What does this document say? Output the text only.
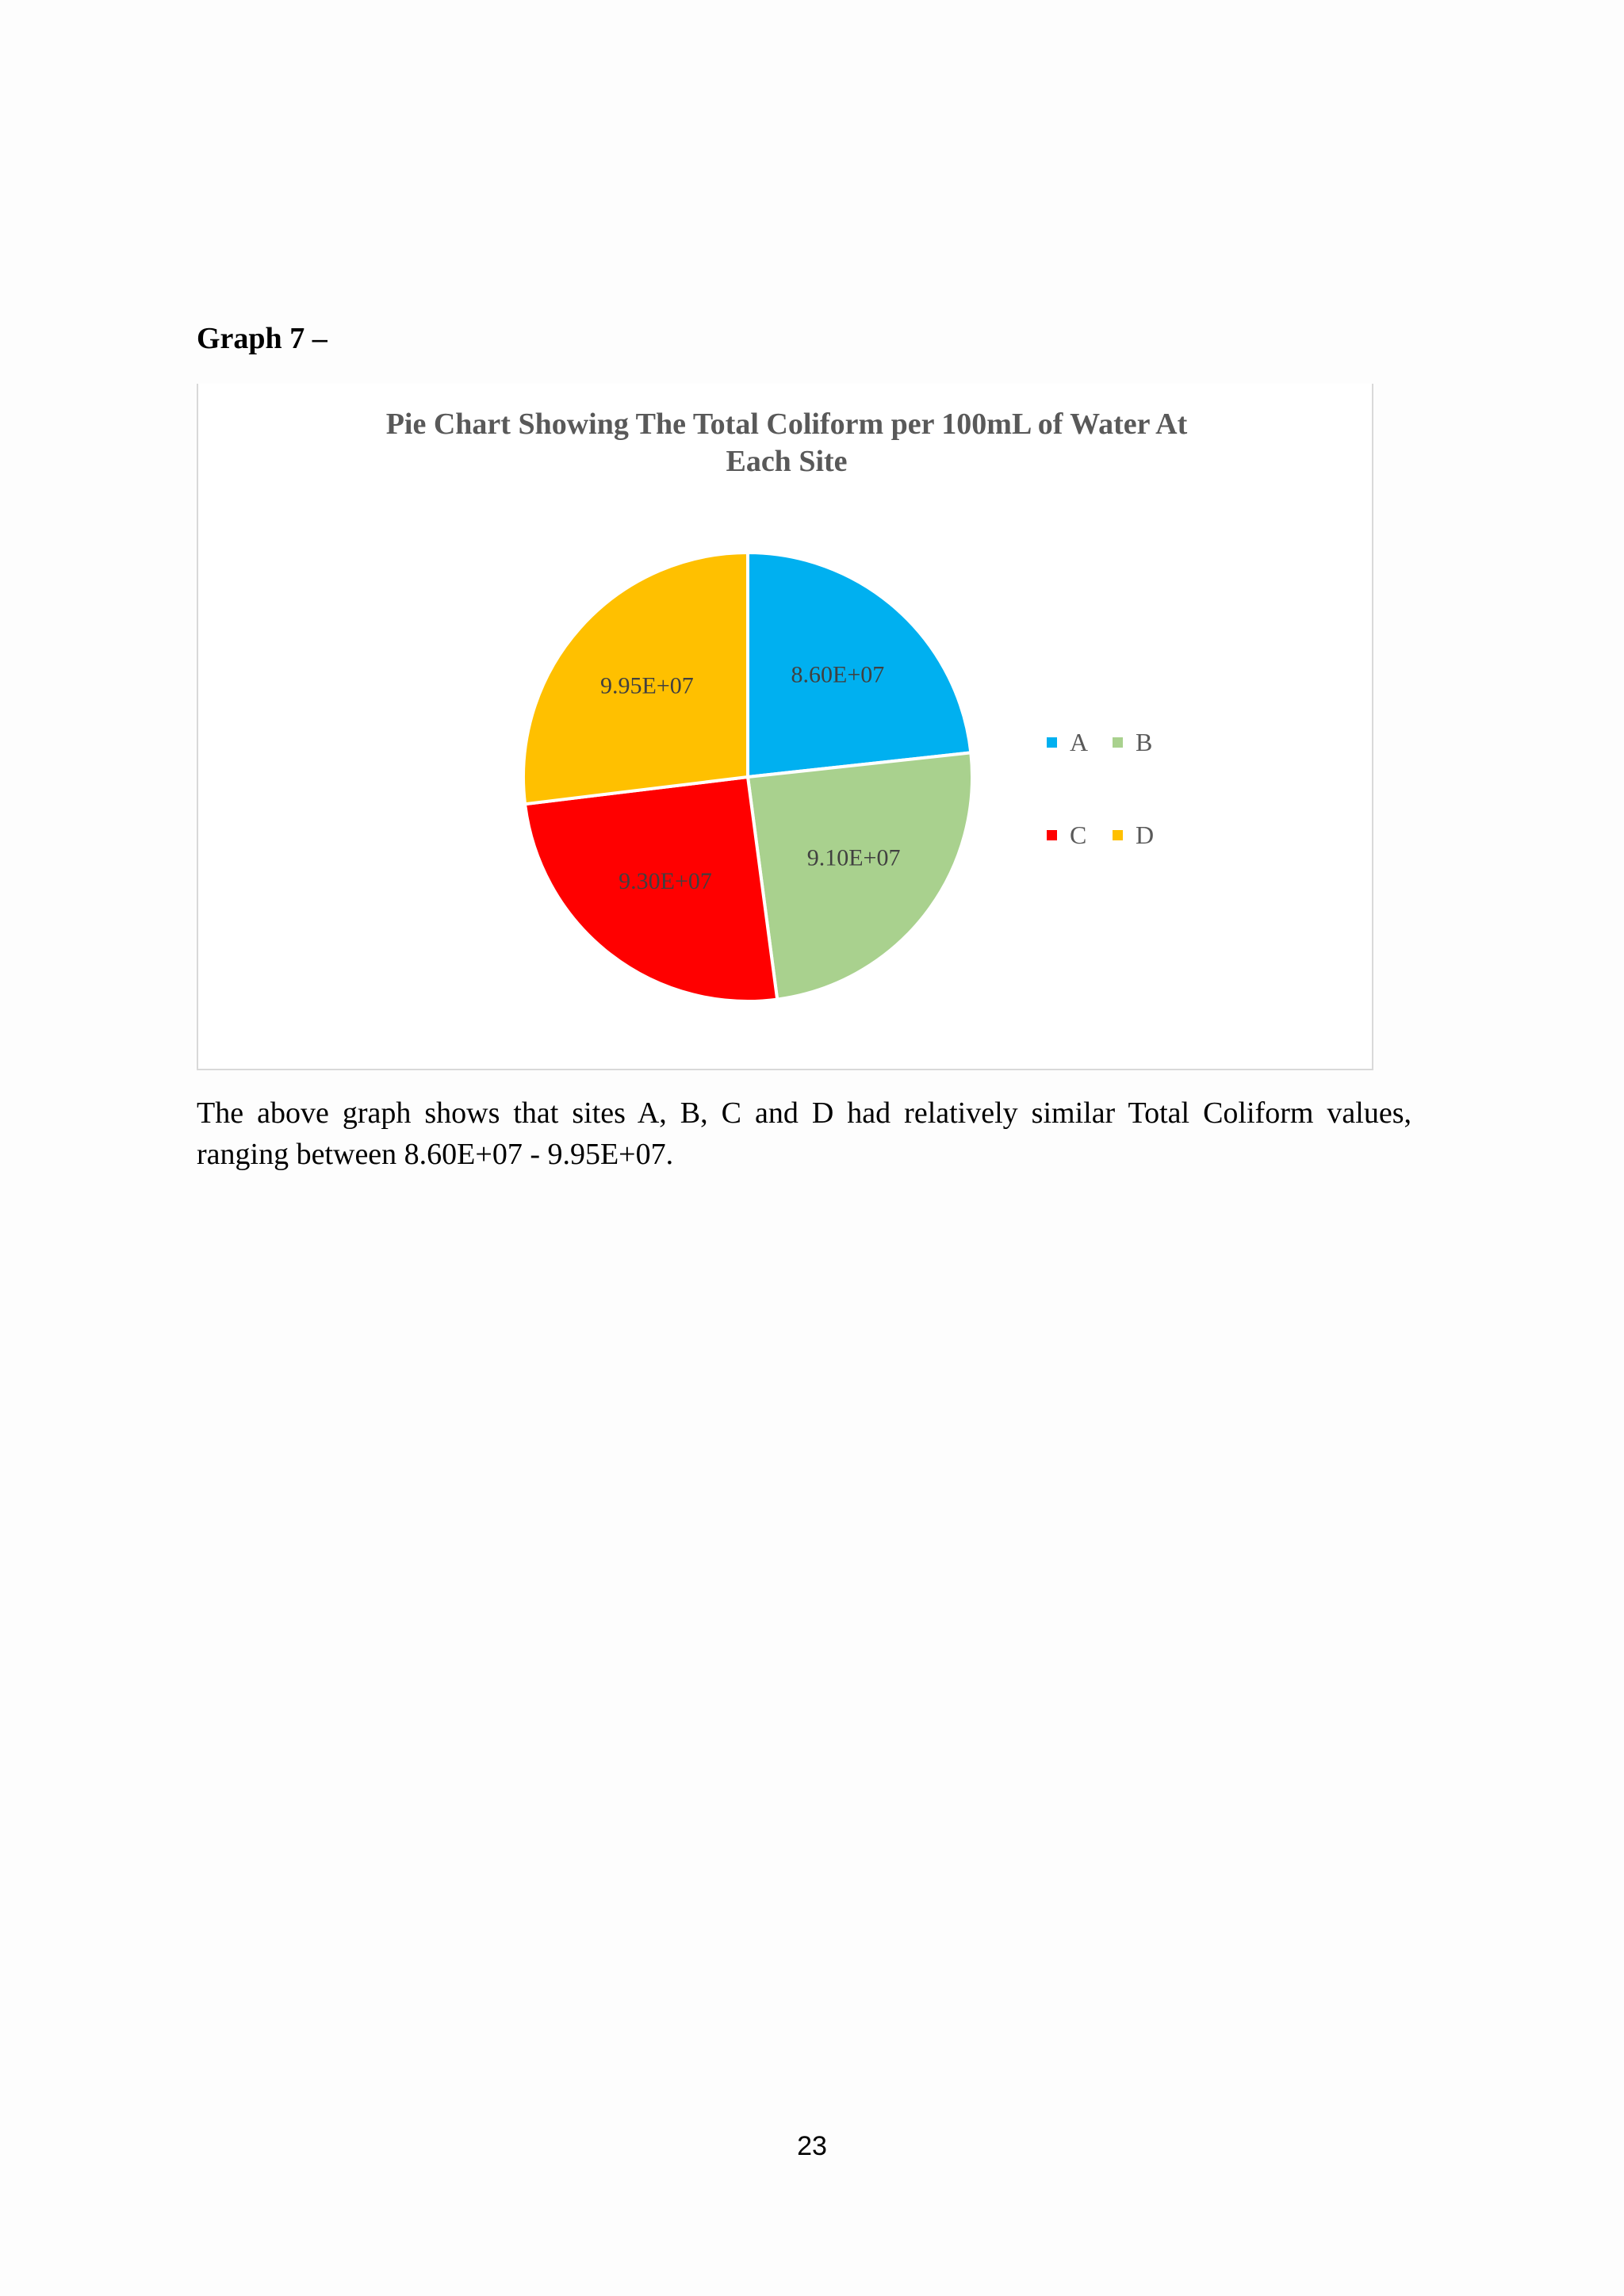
Graph 7 –
Pie Chart Showing The Total Coliform per 100mL of Water At
Each Site
8.60E+07
9.10E+07
9.30E+07
9.95E+07
A B
C D

The above graph shows that sites A, B, C and D had relatively similar Total Coliform values, ranging between 8.60E+07 - 9.95E+07.

23
